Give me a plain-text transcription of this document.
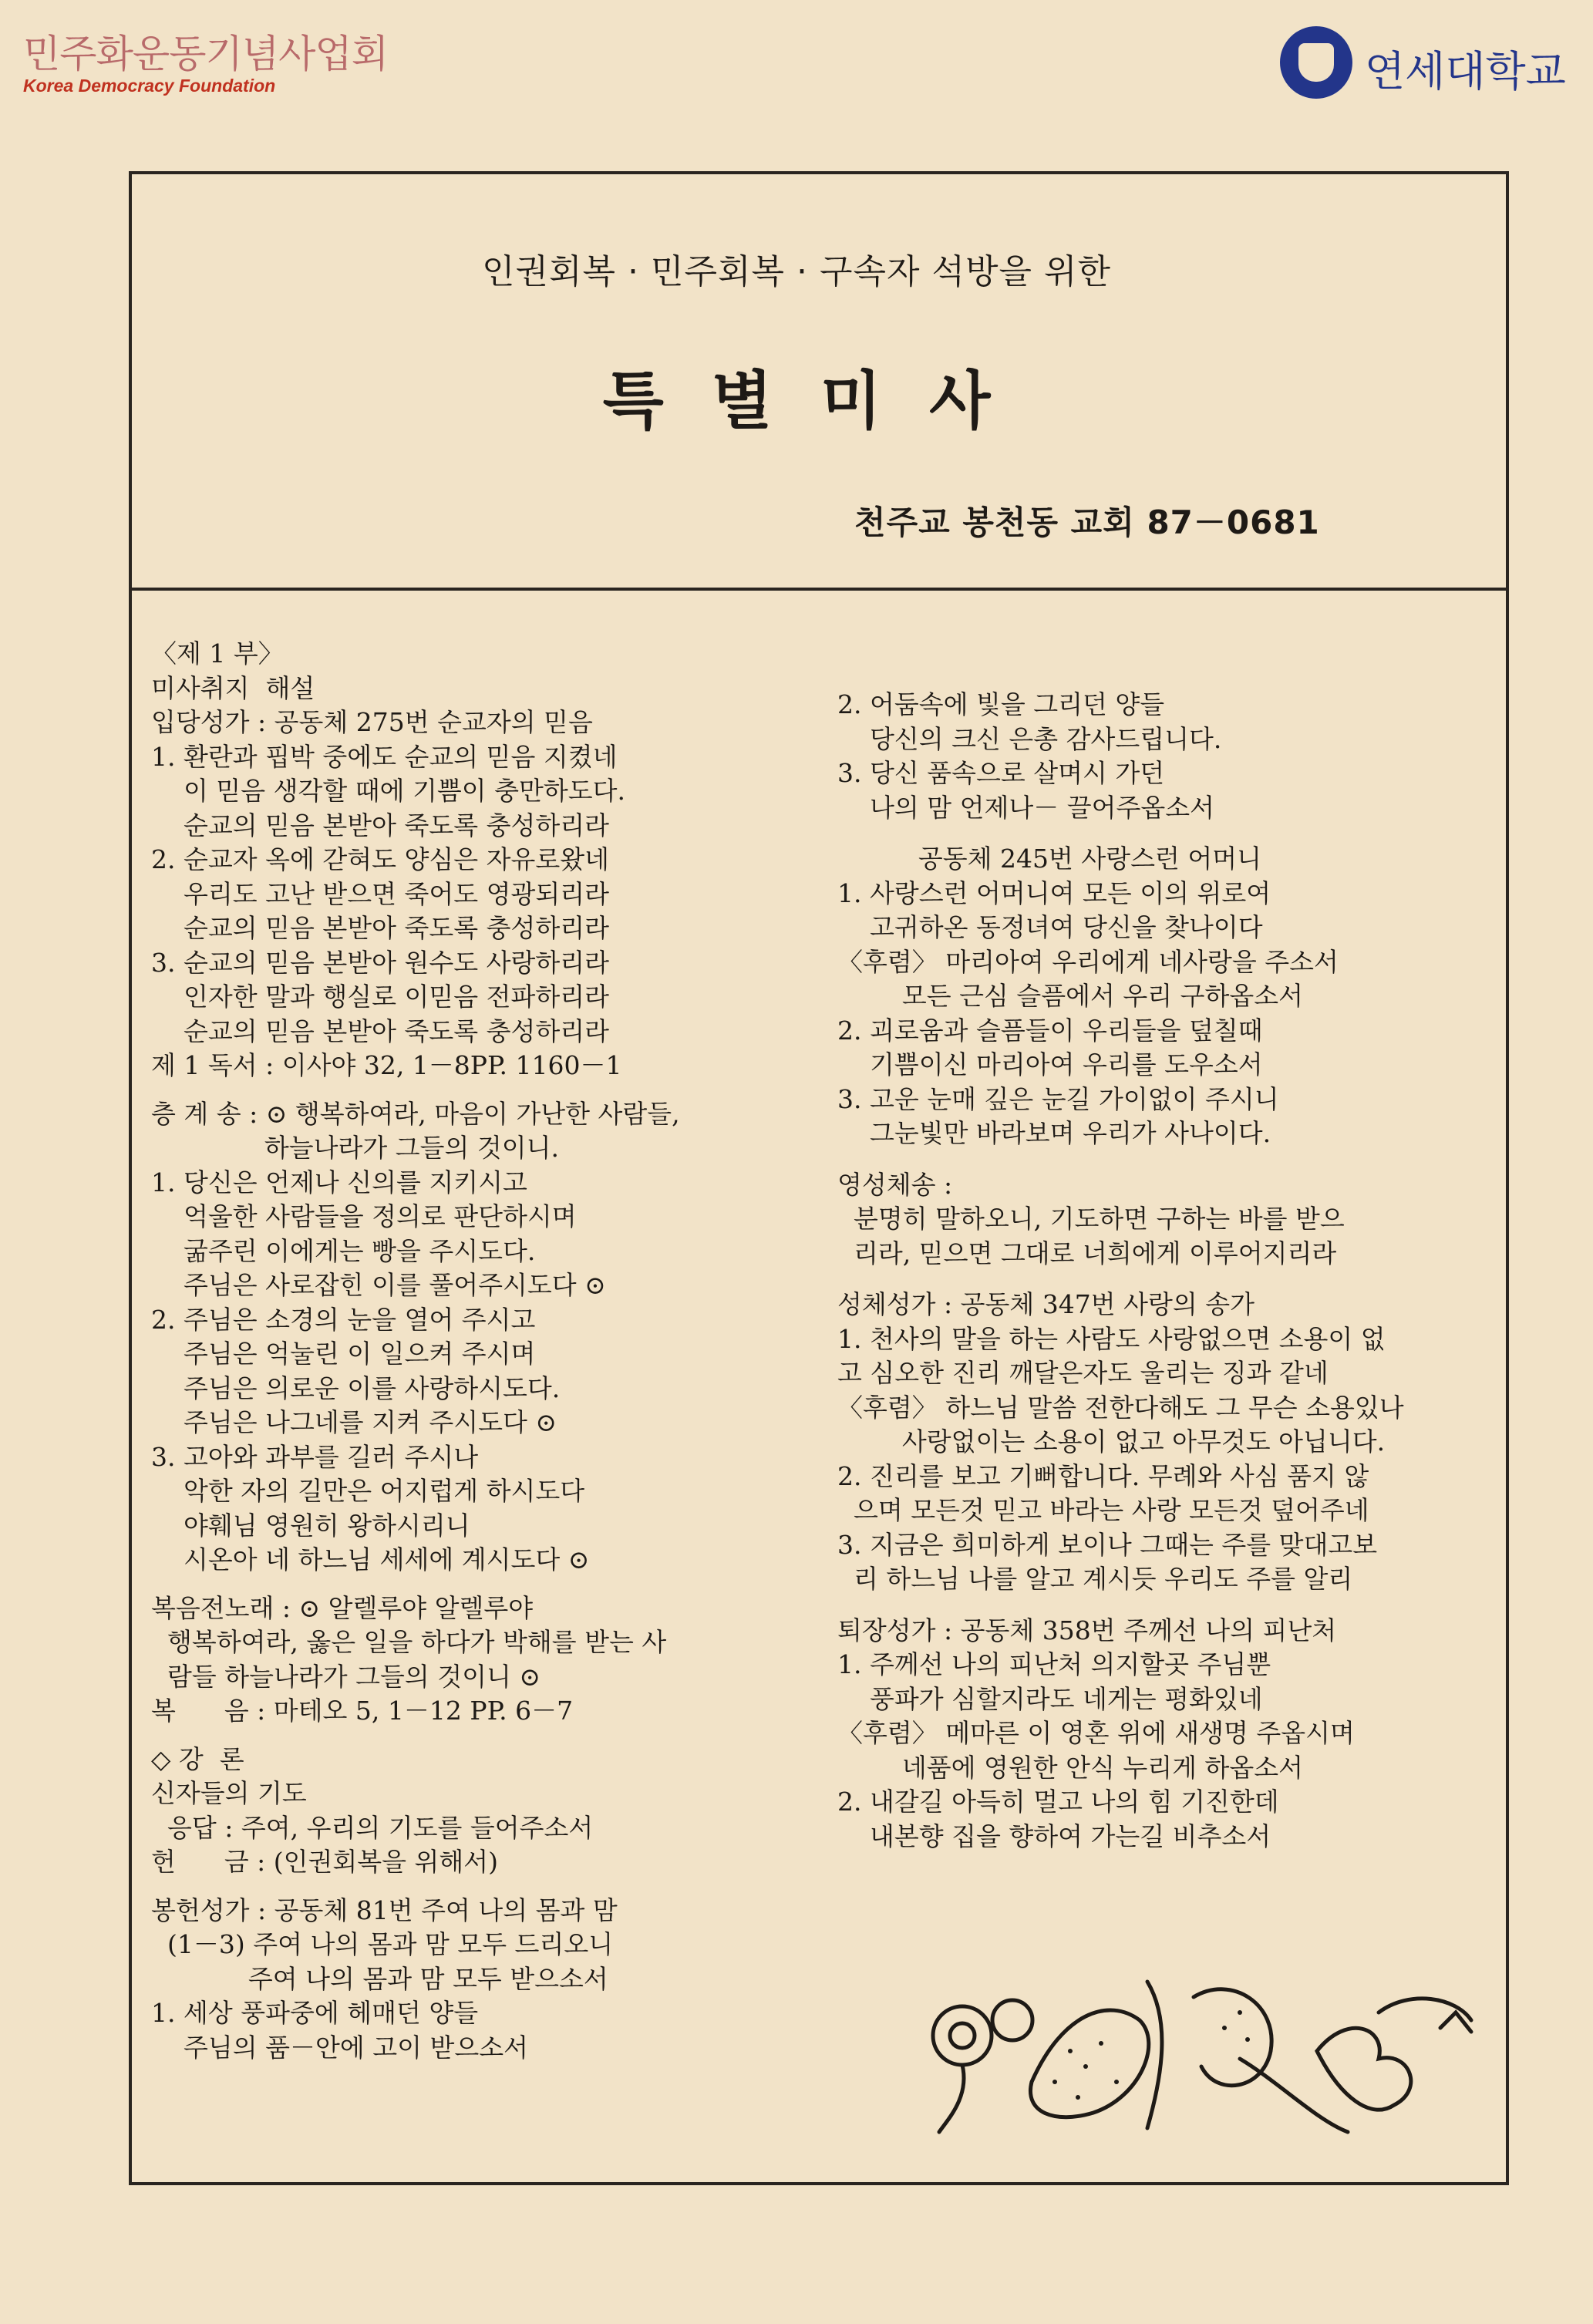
민주화운동기념사업회
Korea Democracy Foundation	연세대학교
인권회복 · 민주회복 · 구속자 석방을 위한
특별미사
천주교 봉천동 교회 87－0681
〈제 1 부〉
미사취지  해설
입당성가 : 공동체 275번 순교자의 믿음
1. 환란과 핍박 중에도 순교의 믿음 지켰네
이 믿음 생각할 때에 기쁨이 충만하도다.
순교의 믿음 본받아 죽도록 충성하리라
2. 순교자 옥에 갇혀도 양심은 자유로왔네
우리도 고난 받으면 죽어도 영광되리라
순교의 믿음 본받아 죽도록 충성하리라
3. 순교의 믿음 본받아 원수도 사랑하리라
인자한 말과 행실로 이믿음 전파하리라
순교의 믿음 본받아 죽도록 충성하리라
제 1 독서 : 이사야 32, 1－8PP. 1160－1
층 계 송 : ⊙ 행복하여라, 마음이 가난한 사람들,
하늘나라가 그들의 것이니.
1. 당신은 언제나 신의를 지키시고
억울한 사람들을 정의로 판단하시며
굶주린 이에게는 빵을 주시도다.
주님은 사로잡힌 이를 풀어주시도다 ⊙
2. 주님은 소경의 눈을 열어 주시고
주님은 억눌린 이 일으켜 주시며
주님은 의로운 이를 사랑하시도다.
주님은 나그네를 지켜 주시도다 ⊙
3. 고아와 과부를 길러 주시나
악한 자의 길만은 어지럽게 하시도다
야훼님 영원히 왕하시리니
시온아 네 하느님 세세에 계시도다 ⊙
복음전노래 : ⊙ 알렐루야 알렐루야
행복하여라, 옳은 일을 하다가 박해를 받는 사
람들 하늘나라가 그들의 것이니 ⊙
복      음 : 마테오 5, 1－12 PP. 6－7
◇ 강  론
신자들의 기도
응답 : 주여, 우리의 기도를 들어주소서
헌      금 : (인권회복을 위해서)
봉헌성가 : 공동체 81번 주여 나의 몸과 맘
(1－3) 주여 나의 몸과 맘 모두 드리오니
주여 나의 몸과 맘 모두 받으소서
1. 세상 풍파중에 헤매던 양들
주님의 품－안에 고이 받으소서
2. 어둠속에 빛을 그리던 양들
당신의 크신 은총 감사드립니다.
3. 당신 품속으로 살며시 가던
나의 맘 언제나－ 끌어주옵소서
공동체 245번 사랑스런 어머니
1. 사랑스런 어머니여 모든 이의 위로여
고귀하온 동정녀여 당신을 찾나이다
〈후렴〉 마리아여 우리에게 네사랑을 주소서
모든 근심 슬픔에서 우리 구하옵소서
2. 괴로움과 슬픔들이 우리들을 덮칠때
기쁨이신 마리아여 우리를 도우소서
3. 고운 눈매 깊은 눈길 가이없이 주시니
그눈빛만 바라보며 우리가 사나이다.
영성체송 :
분명히 말하오니, 기도하면 구하는 바를 받으
리라, 믿으면 그대로 너희에게 이루어지리라
성체성가 : 공동체 347번 사랑의 송가
1. 천사의 말을 하는 사람도 사랑없으면 소용이 없
고 심오한 진리 깨달은자도 울리는 징과 같네
〈후렴〉 하느님 말씀 전한다해도 그 무슨 소용있나
사랑없이는 소용이 없고 아무것도 아닙니다.
2. 진리를 보고 기뻐합니다. 무례와 사심 품지 않
으며 모든것 믿고 바라는 사랑 모든것 덮어주네
3. 지금은 희미하게 보이나 그때는 주를 맞대고보
리 하느님 나를 알고 계시듯 우리도 주를 알리
퇴장성가 : 공동체 358번 주께선 나의 피난처
1. 주께선 나의 피난처 의지할곳 주님뿐
풍파가 심할지라도 네게는 평화있네
〈후렴〉 메마른 이 영혼 위에 새생명 주옵시며
네품에 영원한 안식 누리게 하옵소서
2. 내갈길 아득히 멀고 나의 힘 기진한데
내본향 집을 향하여 가는길 비추소서
